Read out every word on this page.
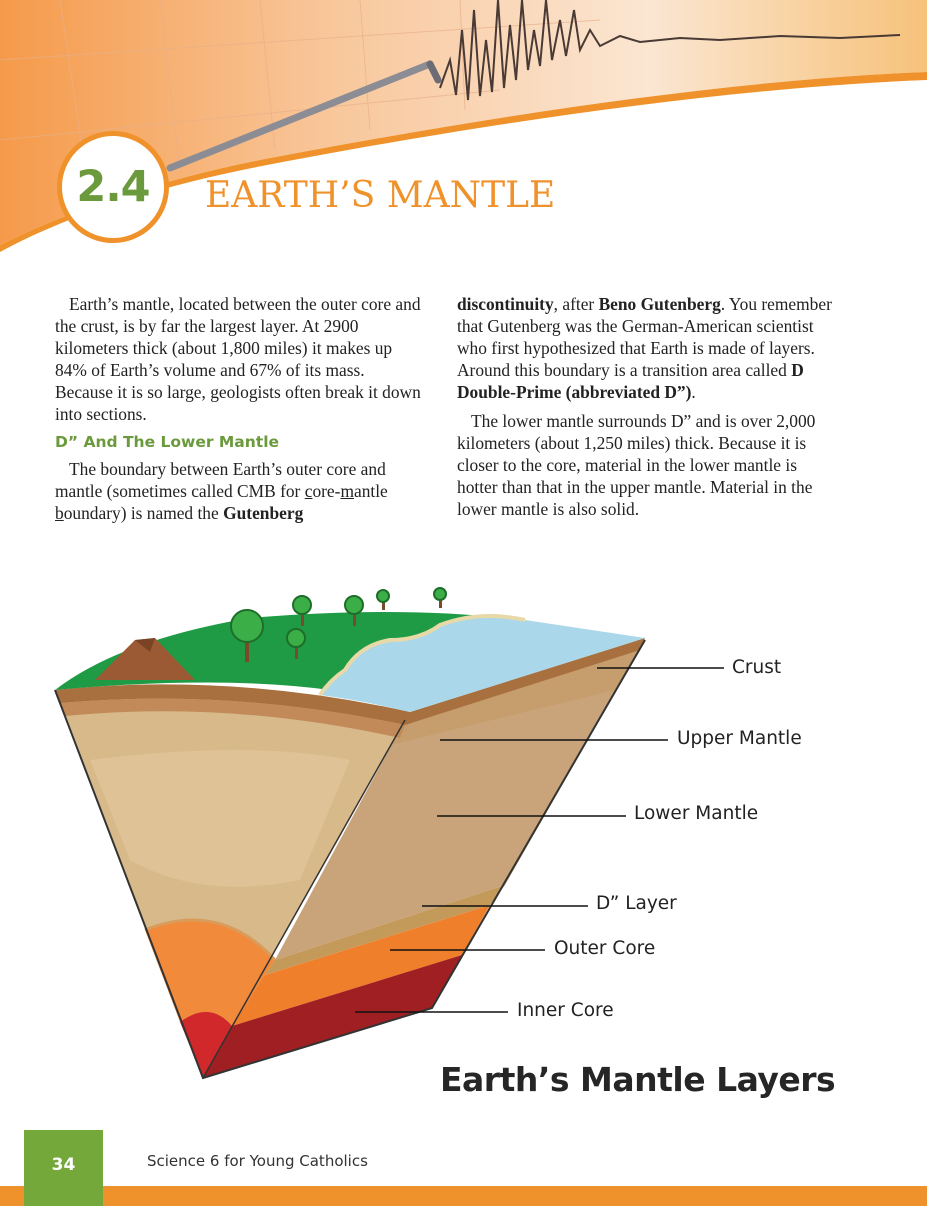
2.4 EARTH’S MANTLE

Earth’s mantle, located between the outer core and the crust, is by far the largest layer. At 2900 kilometers thick (about 1,800 miles) it makes up 84% of Earth’s volume and 67% of its mass. Because it is so large, geologists often break it down into sections.

D” And The Lower Mantle

The boundary between Earth’s outer core and mantle (sometimes called CMB for core-mantle boundary) is named the Gutenberg

discontinuity, after Beno Gutenberg. You remember that Gutenberg was the German-American scientist who first hypothesized that Earth is made of layers. Around this boundary is a transition area called D Double-Prime (abbreviated D”).

The lower mantle surrounds D” and is over 2,000 kilometers (about 1,250 miles) thick. Because it is closer to the core, material in the lower mantle is hotter than that in the upper mantle. Material in the lower mantle is also solid.

Crust
Upper Mantle
Lower Mantle
D” Layer
Outer Core
Inner Core
Earth’s Mantle Layers
34	Science 6 for Young Catholics
